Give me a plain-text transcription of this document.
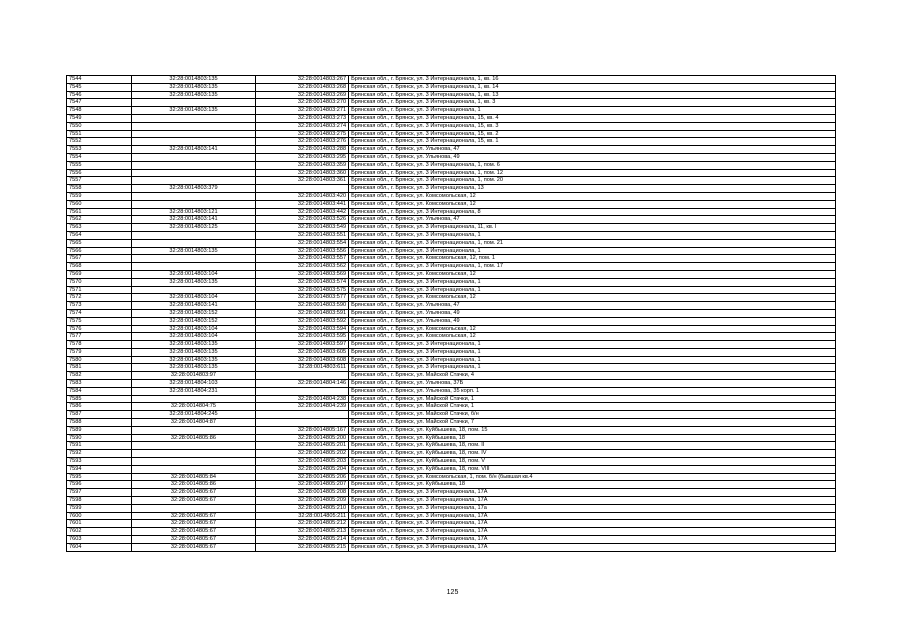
7544	32:28:0014803:135	32:28:0014803:267	Брянская обл., г. Брянск, ул. 3 Интернационала, 1, кв. 16
7545	32:28:0014803:135	32:28:0014803:268	Брянская обл., г. Брянск, ул. 3 Интернационала, 1, кв. 14
7546	32:28:0014803:135	32:28:0014803:269	Брянская обл., г. Брянск, ул. 3 Интернационала, 1, кв. 13
7547		32:28:0014803:270	Брянская обл., г. Брянск, ул. 3 Интернационала, 1, кв. 3
7548	32:28:0014803:135	32:28:0014803:271	Брянская обл., г. Брянск, ул. 3 Интернационала, 1
7549		32:28:0014803:273	Брянская обл., г. Брянск, ул. 3 Интернационала, 15, кв. 4
7550		32:28:0014803:274	Брянская обл., г. Брянск, ул. 3 Интернационала, 15, кв. 3
7551		32:28:0014803:275	Брянская обл., г. Брянск, ул. 3 Интернационала, 15, кв. 2
7552		32:28:0014803:276	Брянская обл., г. Брянск, ул. 3 Интернационала, 15, кв. 1
7553	32:28:0014803:141	32:28:0014803:288	Брянская обл., г. Брянск, ул. Ульянова, 47
7554		32:28:0014803:295	Брянская обл., г. Брянск, ул. Ульянова, 49
7555		32:28:0014803:359	Брянская обл., г. Брянск, ул. 3 Интернационала, 1, пом. 6
7556		32:28:0014803:360	Брянская обл., г. Брянск, ул. 3 Интернационала, 1, пом. 12
7557		32:28:0014803:361	Брянская обл., г. Брянск, ул. 3 Интернационала, 1, пом. 20
7558	32:28:0014803:379		Брянская обл., г. Брянск, ул. 3 Интернационала, 13
7559		32:28:0014803:420	Брянская обл., г. Брянск, ул. Комсомольская, 12
7560		32:28:0014803:441	Брянская обл., г. Брянск, ул. Комсомольская, 12
7561	32:28:0014803:121	32:28:0014803:442	Брянская обл., г. Брянск, ул. 3 Интернационала, 8
7562	32:28:0014803:141	32:28:0014803:526	Брянская обл., г. Брянск, ул. Ульянова, 47
7563	32:28:0014803:125	32:28:0014803:549	Брянская обл., г. Брянск, ул. 3 Интернационала, 11, кв. I
7564		32:28:0014803:551	Брянская обл., г. Брянск, ул. 3 Интернационала, 1
7565		32:28:0014803:554	Брянская обл., г. Брянск, ул. 3 Интернационала, 1, пом. 21
7566	32:28:0014803:135	32:28:0014803:556	Брянская обл., г. Брянск, ул. 3 Интернационала, 1
7567		32:28:0014803:557	Брянская обл., г. Брянск, ул. Комсомольская, 12, пом. 1
7568		32:28:0014803:562	Брянская обл., г. Брянск, ул. 3 Интернационала, 1, пом. 17
7569	32:28:0014803:104	32:28:0014803:569	Брянская обл., г. Брянск, ул. Комсомольская, 12
7570	32:28:0014803:135	32:28:0014803:574	Брянская обл., г. Брянск, ул. 3 Интернационала, 1
7571		32:28:0014803:575	Брянская обл., г. Брянск, ул. 3 Интернационала, 1
7572	32:28:0014803:104	32:28:0014803:577	Брянская обл., г. Брянск, ул. Комсомольская, 12
7573	32:28:0014803:141	32:28:0014803:590	Брянская обл., г. Брянск, ул. Ульянова, 47
7574	32:28:0014803:152	32:28:0014803:591	Брянская обл., г. Брянск, ул. Ульянова, 49
7575	32:28:0014803:152	32:28:0014803:592	Брянская обл., г. Брянск, ул. Ульянова, 49
7576	32:28:0014803:104	32:28:0014803:594	Брянская обл., г. Брянск, ул. Комсомольская, 12
7577	32:28:0014803:104	32:28:0014803:595	Брянская обл., г. Брянск, ул. Комсомольская, 12
7578	32:28:0014803:135	32:28:0014803:597	Брянская обл., г. Брянск, ул. 3 Интернационала, 1
7579	32:28:0014803:135	32:28:0014803:605	Брянская обл., г. Брянск, ул. 3 Интернационала, 1
7580	32:28:0014803:135	32:28:0014803:608	Брянская обл., г. Брянск, ул. 3 Интернационала, 1
7581	32:28:0014803:135	32:28:0014803:611	Брянская обл., г. Брянск, ул. 3 Интернационала, 1
7582	32:28:0014803:97		Брянская обл., г. Брянск, ул. Майской Стачки, 4
7583	32:28:0014804:103	32:28:0014804:146	Брянская обл., г. Брянск, ул. Ульянова, 37Б
7584	32:28:0014804:231		Брянская обл., г. Брянск, ул. Ульянова, 35 корп. 1
7585		32:28:0014804:238	Брянская обл., г. Брянск, ул. Майской Стачки, 1
7586	32:28:0014804:75	32:28:0014804:239	Брянская обл., г. Брянск, ул. Майской Стачки, 1
7587	32:28:0014804:245		Брянская обл., г. Брянск, ул. Майской Стачки, б/н
7588	32:28:0014804:87		Брянская обл., г. Брянск, ул. Майской Стачки, 7
7589		32:28:0014805:167	Брянская обл., г. Брянск, ул. Куйбышева, 18, пом. 15
7590	32:28:0014805:86	32:28:0014805:200	Брянская обл., г. Брянск, ул. Куйбышева, 18
7591		32:28:0014805:201	Брянская обл., г. Брянск, ул. Куйбышева, 18, пом. II
7592		32:28:0014805:202	Брянская обл., г. Брянск, ул. Куйбышева, 18, пом. IV
7593		32:28:0014805:203	Брянская обл., г. Брянск, ул. Куйбышева, 18, пом. V
7594		32:28:0014805:204	Брянская обл., г. Брянск, ул. Куйбышева, 18, пом. VIII
7595	32:28:0014805:84	32:28:0014805:206	Брянская обл., г. Брянск, ул. Комсомольская, 1, пом. б/н (бывшая кв.4
7596	32:28:0014805:86	32:28:0014805:207	Брянская обл., г. Брянск, ул. Куйбышева, 18
7597	32:28:0014805:67	32:28:0014805:208	Брянская обл., г. Брянск, ул. 3 Интернационала, 17А
7598	32:28:0014805:67	32:28:0014805:209	Брянская обл., г. Брянск, ул. 3 Интернационала, 17А
7599		32:28:0014805:210	Брянская обл., г. Брянск, ул. 3 Интернационала, 17а
7600	32:28:0014805:67	32:28:0014805:211	Брянская обл., г. Брянск, ул. 3 Интернационала, 17А
7601	32:28:0014805:67	32:28:0014805:212	Брянская обл., г. Брянск, ул. 3 Интернационала, 17А
7602	32:28:0014805:67	32:28:0014805:213	Брянская обл., г. Брянск, ул. 3 Интернационала, 17А
7603	32:28:0014805:67	32:28:0014805:214	Брянская обл., г. Брянск, ул. 3 Интернационала, 17А
7604	32:28:0014805:67	32:28:0014805:215	Брянская обл., г. Брянск, ул. 3 Интернационала, 17А
125
